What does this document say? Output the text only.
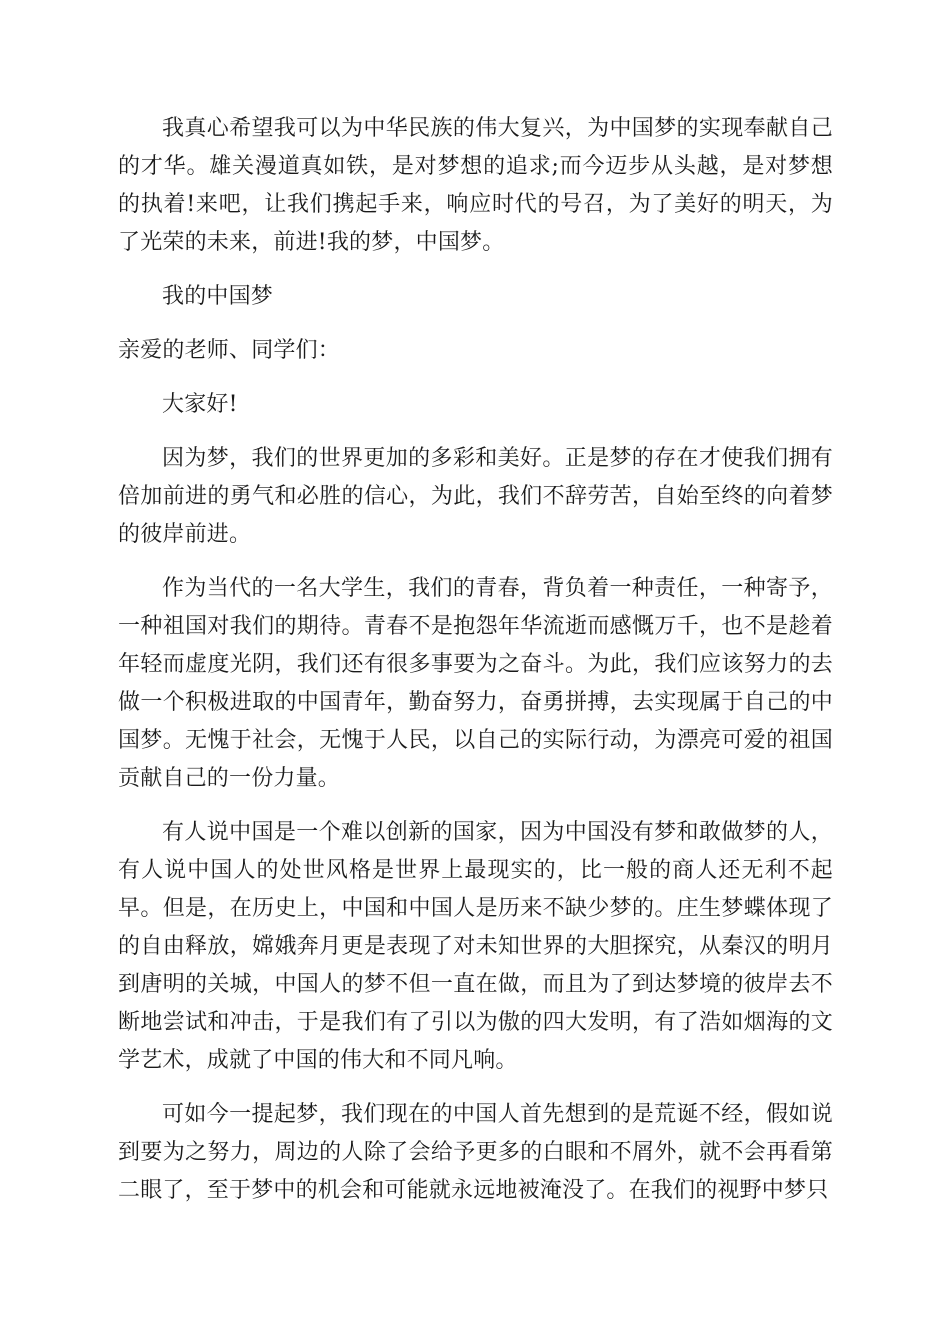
我真心希望我可以为中华民族的伟大复兴，为中国梦的实现奉献自己的才华。雄关漫道真如铁，是对梦想的追求;而今迈步从头越，是对梦想的执着!来吧，让我们携起手来，响应时代的号召，为了美好的明天，为了光荣的未来，前进!我的梦，中国梦。

我的中国梦

亲爱的老师、同学们：

大家好!

因为梦，我们的世界更加的多彩和美好。正是梦的存在才使我们拥有倍加前进的勇气和必胜的信心，为此，我们不辞劳苦，自始至终的向着梦的彼岸前进。

作为当代的一名大学生，我们的青春，背负着一种责任，一种寄予，一种祖国对我们的期待。青春不是抱怨年华流逝而感慨万千，也不是趁着年轻而虚度光阴，我们还有很多事要为之奋斗。为此，我们应该努力的去做一个积极进取的中国青年，勤奋努力，奋勇拼搏，去实现属于自己的中国梦。无愧于社会，无愧于人民，以自己的实际行动，为漂亮可爱的祖国贡献自己的一份力量。

有人说中国是一个难以创新的国家，因为中国没有梦和敢做梦的人，有人说中国人的处世风格是世界上最现实的，比一般的商人还无利不起早。但是，在历史上，中国和中国人是历来不缺少梦的。庄生梦蝶体现了的自由释放，嫦娥奔月更是表现了对未知世界的大胆探究，从秦汉的明月到唐明的关城，中国人的梦不但一直在做，而且为了到达梦境的彼岸去不断地尝试和冲击，于是我们有了引以为傲的四大发明，有了浩如烟海的文学艺术，成就了中国的伟大和不同凡响。

可如今一提起梦，我们现在的中国人首先想到的是荒诞不经，假如说到要为之努力，周边的人除了会给予更多的白眼和不屑外，就不会再看第二眼了，至于梦中的机会和可能就永远地被淹没了。在我们的视野中梦只
